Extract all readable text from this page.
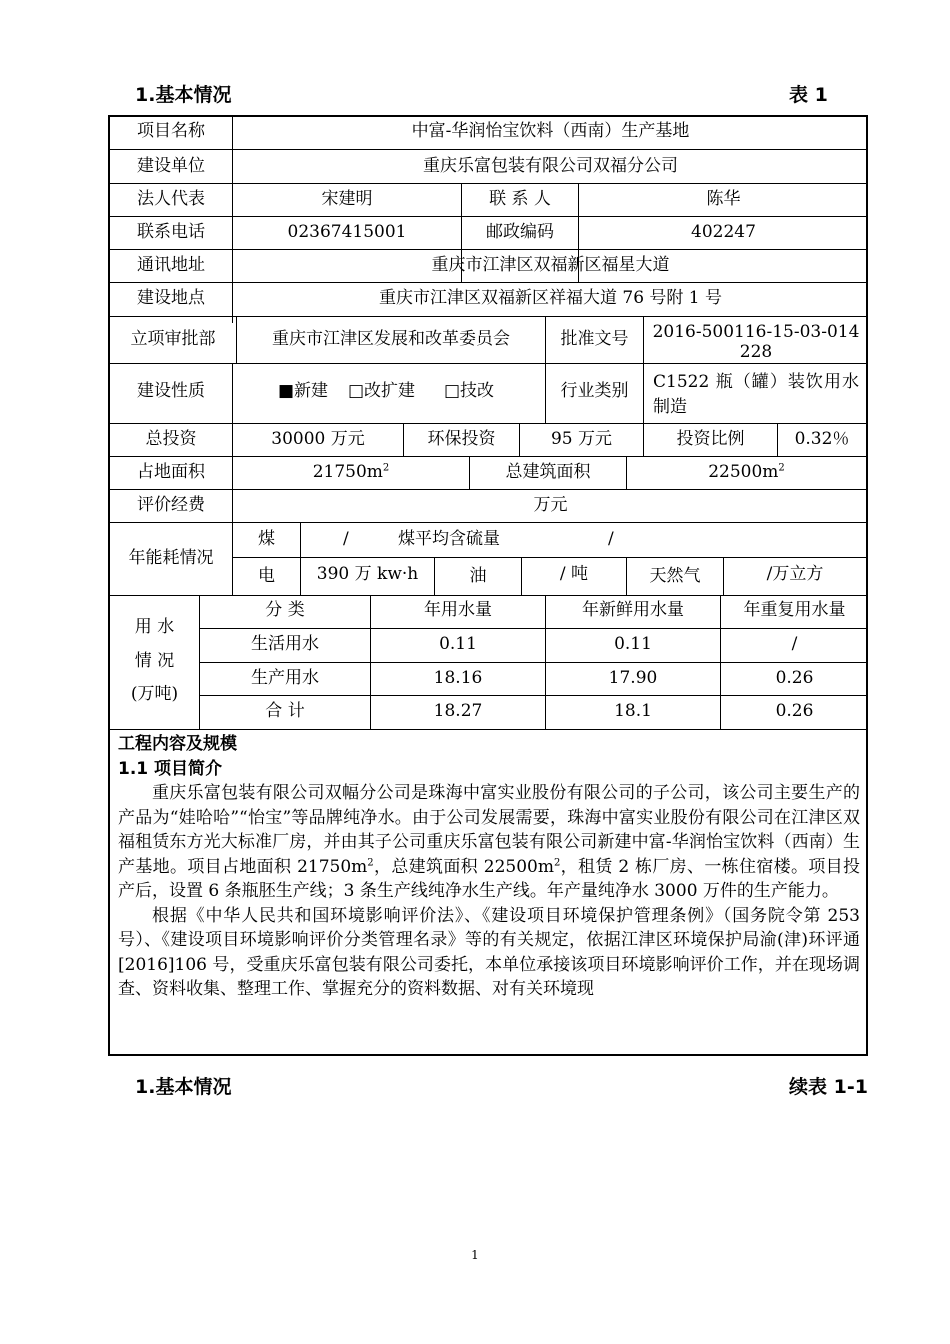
1.基本情况	表 1
项目名称	中富-华润怡宝饮料（西南）生产基地
建设单位	重庆乐富包装有限公司双福分公司
法人代表	宋建明	联 系 人	陈华
联系电话	02367415001	邮政编码	402247
通讯地址	重庆市江津区双福新区福星大道
建设地点	重庆市江津区双福新区祥福大道 76 号附 1 号
立项审批部	重庆市江津区发展和改革委员会	批准文号	2016-500116-15-03-014228
建设性质	■新建 □改扩建 □技改	行业类别	C1522 瓶（罐）装饮用水制造
总投资	30000 万元	环保投资	95 万元	投资比例	0.32％
占地面积	$21750m^2$	总建筑面积	$22500m^2$
评价经费	万元
年能耗情况
煤	/	煤平均含硫量	/
电	390 万 kw·h	油	/ 吨	天然气	/万立方
用 水
情 况
(万吨)
分 类	年用水量	年新鲜用水量	年重复用水量
生活用水	0.11	0.11	/
生产用水	18.16	17.90	0.26
合 计	18.27	18.1	0.26
工程内容及规模
1.1 项目简介

重庆乐富包装有限公司双幅分公司是珠海中富实业股份有限公司的子公司，该公司主要生产的产品为“娃哈哈”“怡宝”等品牌纯净水。由于公司发展需要，珠海中富实业股份有限公司在江津区双福租赁东方光大标准厂房，并由其子公司重庆乐富包装有限公司新建中富-华润怡宝饮料（西南）生产基地。项目占地面积 $21750m^2$，总建筑面积 $22500m^2$，租赁 2 栋厂房、一栋住宿楼。项目投产后，设置 6 条瓶胚生产线；3 条生产线纯净水生产线。年产量纯净水 3000 万件的生产能力。

根据《中华人民共和国环境影响评价法》、《建设项目环境保护管理条例》（国务院令第 253 号）、《建设项目环境影响评价分类管理名录》等的有关规定，依据江津区环境保护局渝(津)环评通[2016]106 号，受重庆乐富包装有限公司委托，本单位承接该项目环境影响评价工作，并在现场调查、资料收集、整理工作、掌握充分的资料数据、对有关环境现

1.基本情况	续表 1-1
1
